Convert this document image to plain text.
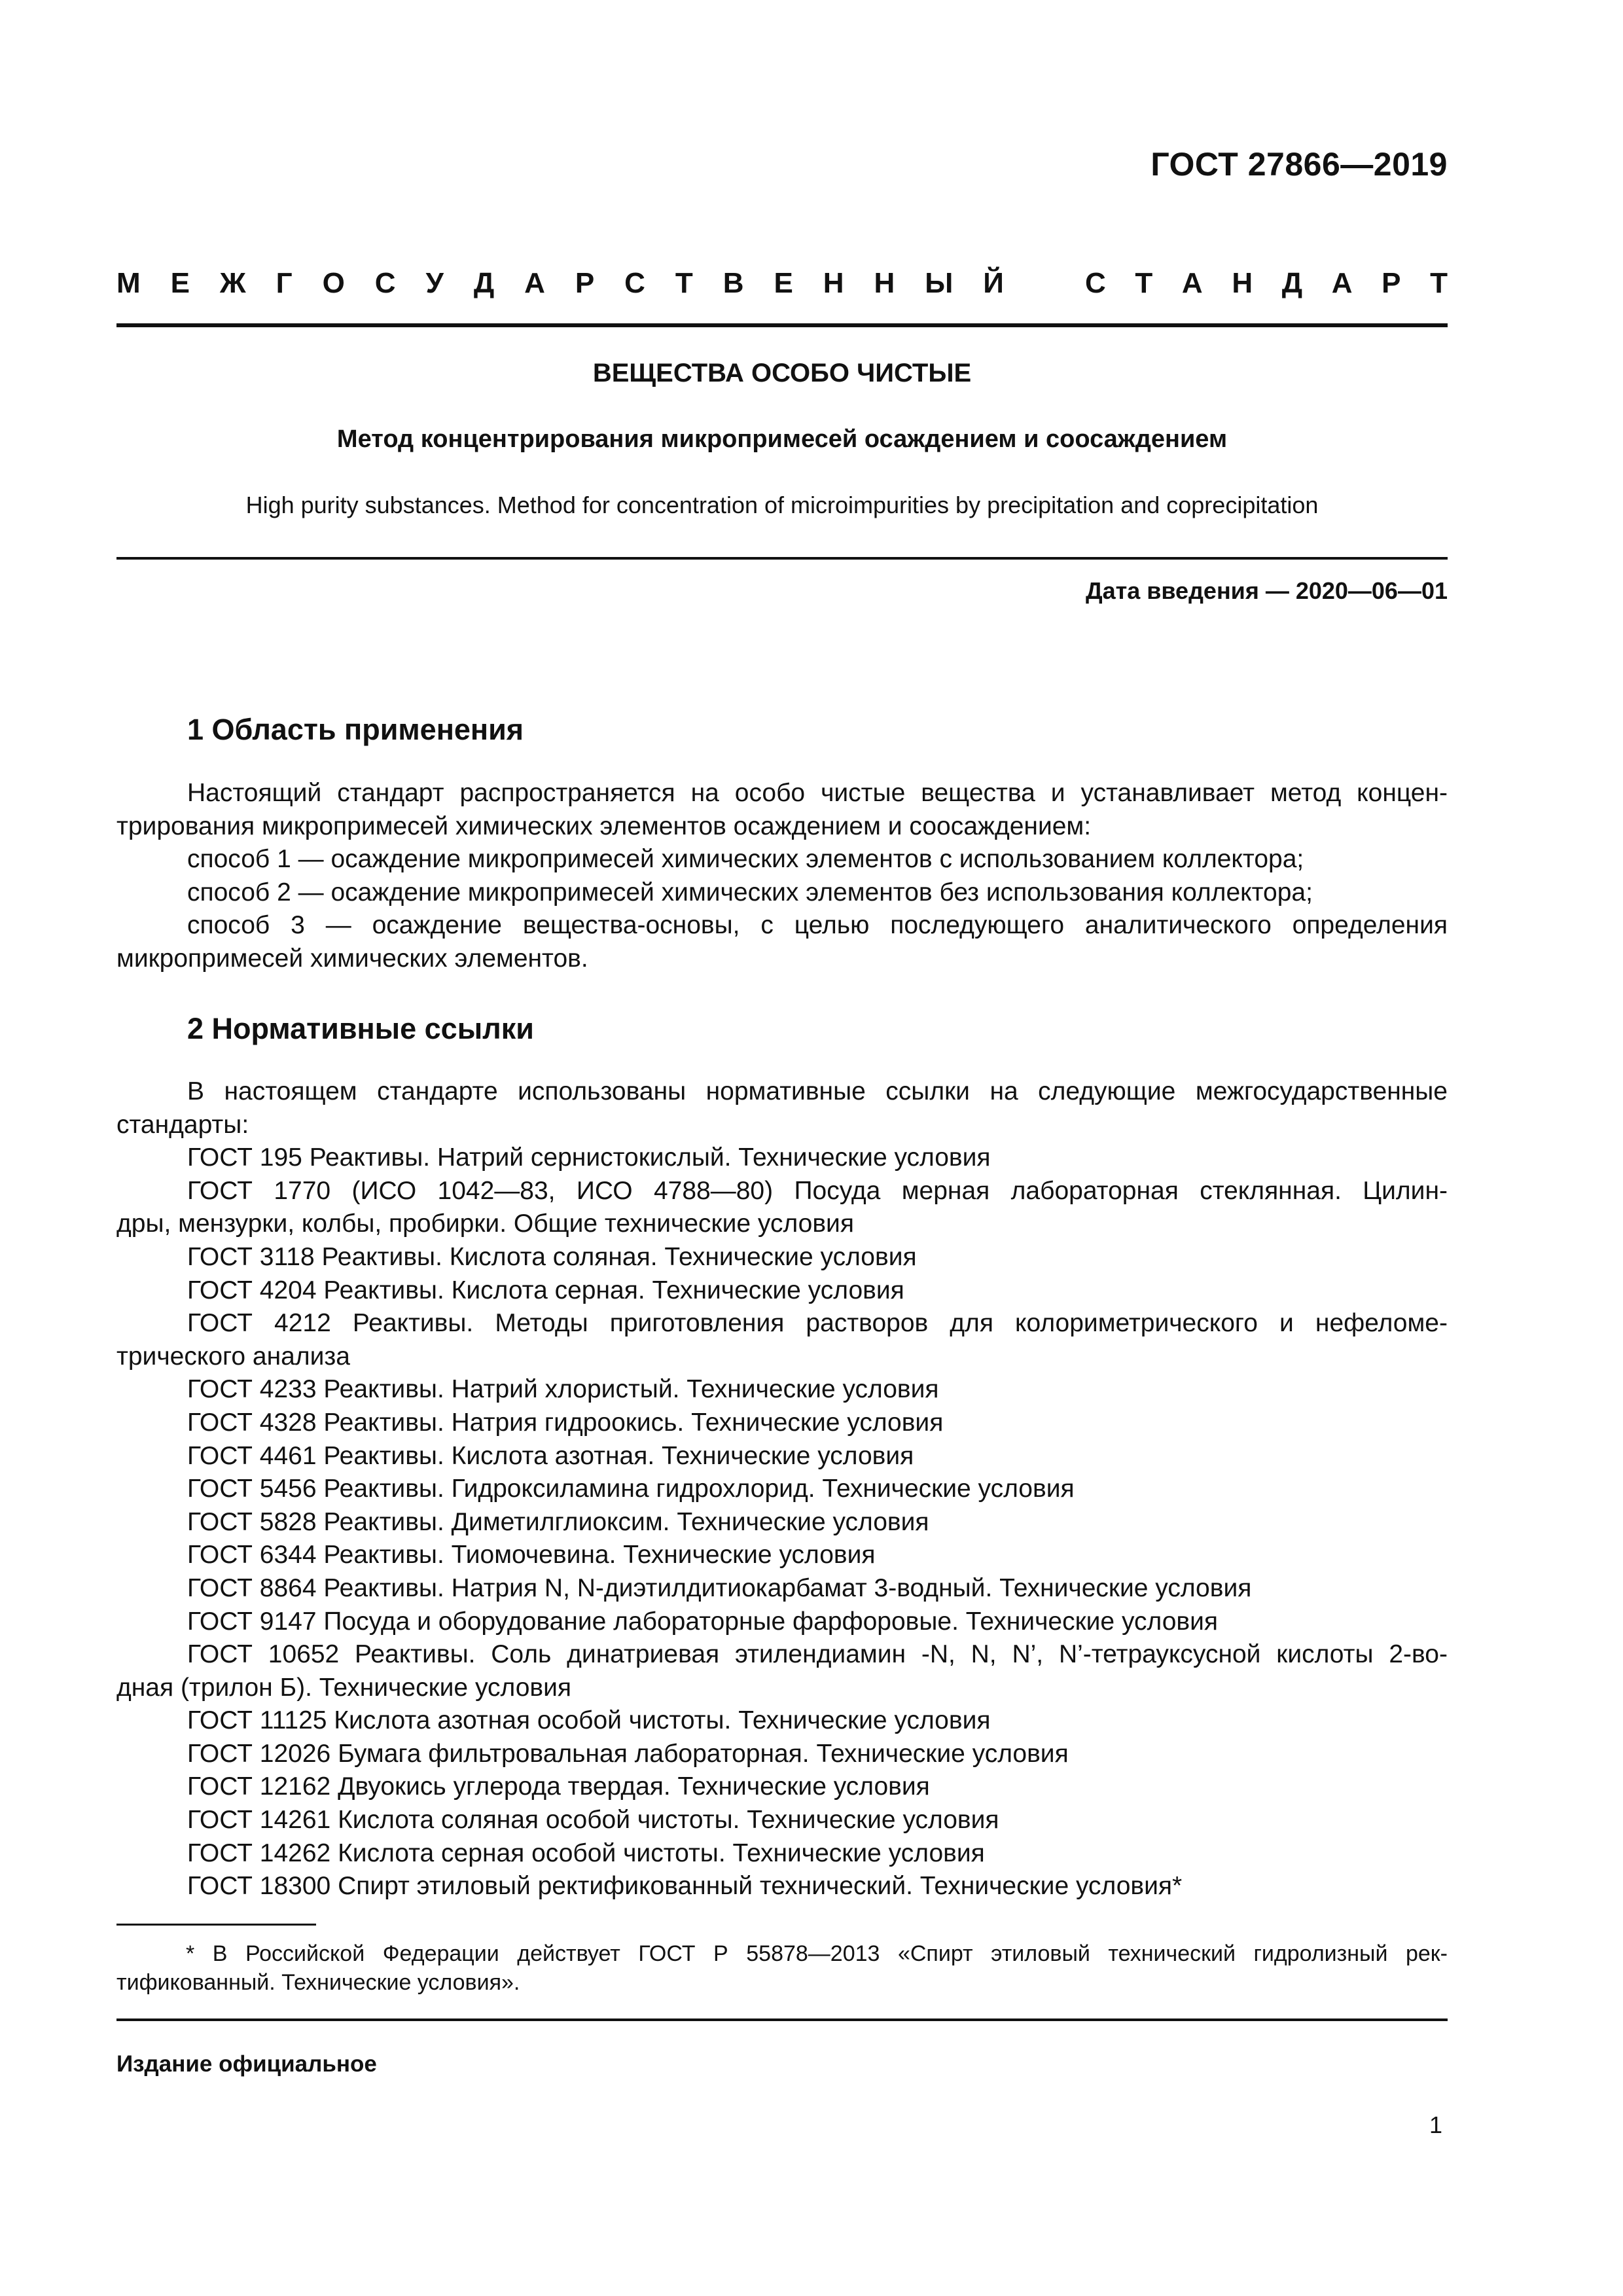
ГОСТ 27866—2019
М Е Ж Г О С У Д А Р С Т В Е Н Н Ы Й	С Т А Н Д А Р Т
ВЕЩЕСТВА ОСОБО ЧИСТЫЕ
Метод концентрирования микропримесей осаждением и соосаждением
High purity substances. Method for concentration of microimpurities by precipitation and coprecipitation
Дата введения — 2020—06—01
1 Область применения
Настоящий стандарт распространяется на особо чистые вещества и устанавливает метод концен-
трирования микропримесей химических элементов осаждением и соосаждением:
способ 1 — осаждение микропримесей химических элементов с использованием коллектора;
способ 2 — осаждение микропримесей химических элементов без использования коллектора;
способ 3 — осаждение вещества-основы, с целью последующего аналитического определения
микропримесей химических элементов.
2 Нормативные ссылки
В настоящем стандарте использованы нормативные ссылки на следующие межгосударственные
стандарты:
ГОСТ 195 Реактивы. Натрий сернистокислый. Технические условия
ГОСТ 1770 (ИСО 1042—83, ИСО 4788—80) Посуда мерная лабораторная стеклянная. Цилин-
дры, мензурки, колбы, пробирки. Общие технические условия
ГОСТ 3118 Реактивы. Кислота соляная. Технические условия
ГОСТ 4204 Реактивы. Кислота серная. Технические условия
ГОСТ 4212 Реактивы. Методы приготовления растворов для колориметрического и нефеломе-
трического анализа
ГОСТ 4233 Реактивы. Натрий хлористый. Технические условия
ГОСТ 4328 Реактивы. Натрия гидроокись. Технические условия
ГОСТ 4461 Реактивы. Кислота азотная. Технические условия
ГОСТ 5456 Реактивы. Гидроксиламина гидрохлорид. Технические условия
ГОСТ 5828 Реактивы. Диметилглиоксим. Технические условия
ГОСТ 6344 Реактивы. Тиомочевина. Технические условия
ГОСТ 8864 Реактивы. Натрия N, N-диэтилдитиокарбамат 3-водный. Технические условия
ГОСТ 9147 Посуда и оборудование лабораторные фарфоровые. Технические условия
ГОСТ 10652 Реактивы. Соль динатриевая этилендиамин -N, N, N’, N’-тетрауксусной кислоты 2-во-
дная (трилон Б). Технические условия
ГОСТ 11125 Кислота азотная особой чистоты. Технические условия
ГОСТ 12026 Бумага фильтровальная лабораторная. Технические условия
ГОСТ 12162 Двуокись углерода твердая. Технические условия
ГОСТ 14261 Кислота соляная особой чистоты. Технические условия
ГОСТ 14262 Кислота серная особой чистоты. Технические условия
ГОСТ 18300 Спирт этиловый ректификованный технический. Технические условия*
* В Российской Федерации действует ГОСТ Р 55878—2013 «Спирт этиловый технический гидролизный рек-
тификованный. Технические условия».
Издание официальное
1
